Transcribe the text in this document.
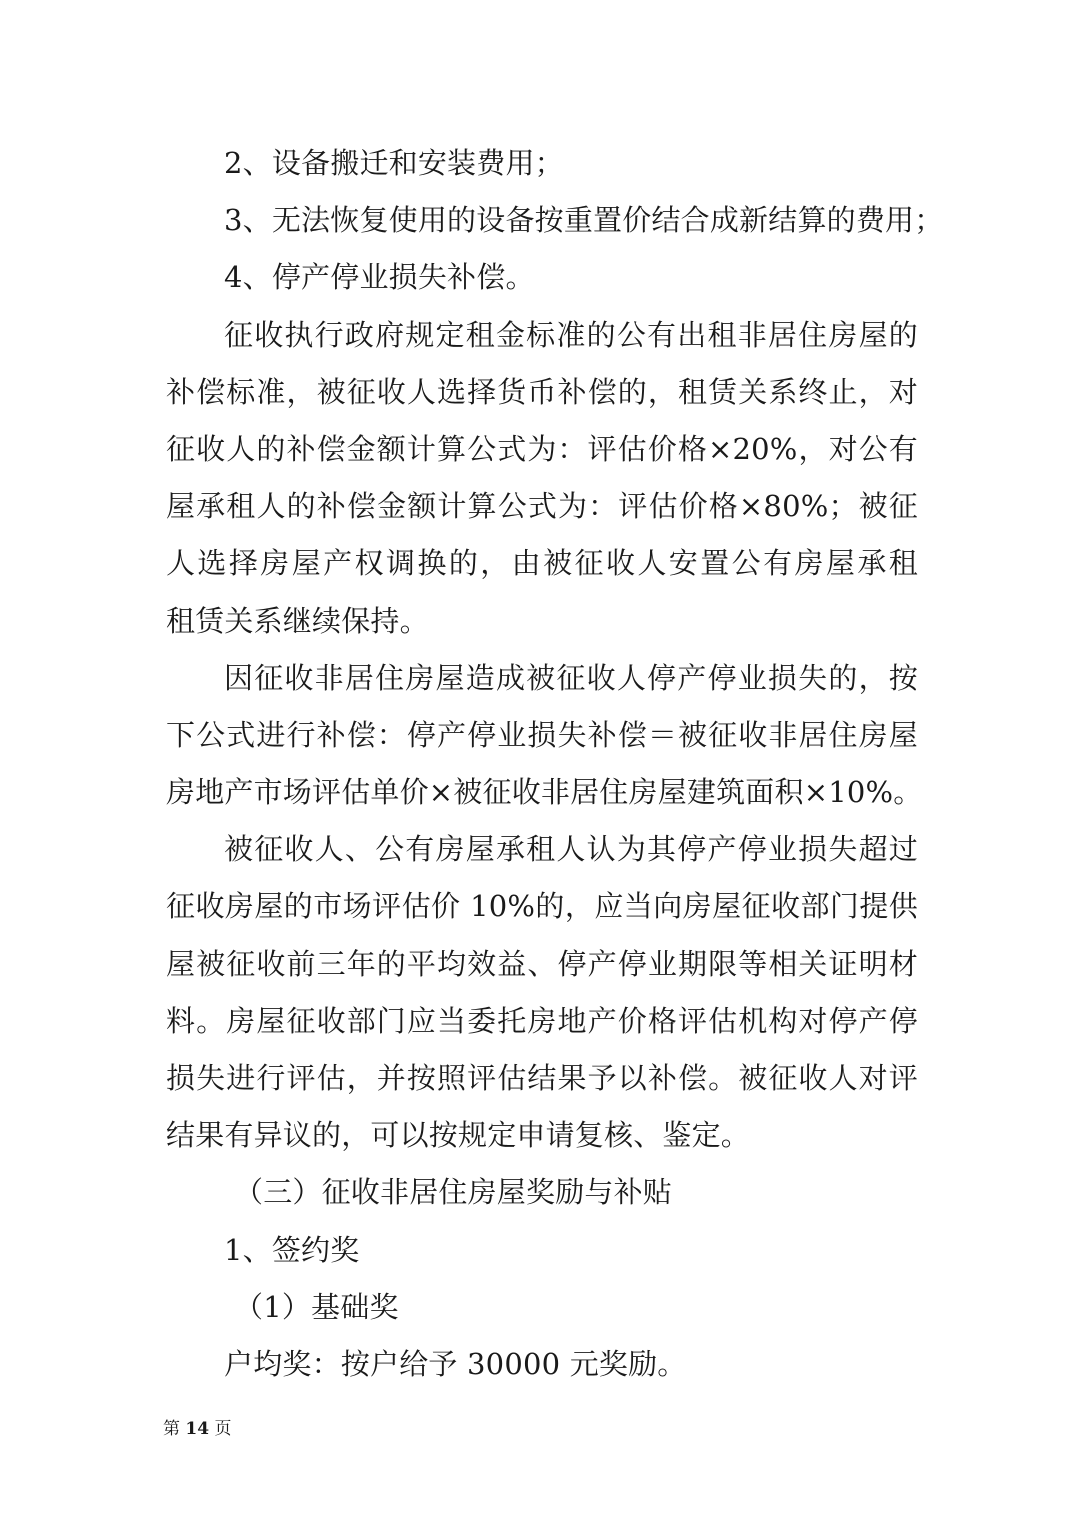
2、设备搬迁和安装费用；
3、无法恢复使用的设备按重置价结合成新结算的费用；
4、停产停业损失补偿。
征收执行政府规定租金标准的公有出租非居住房屋的
补偿标准，被征收人选择货币补偿的，租赁关系终止，对
征收人的补偿金额计算公式为：评估价格×20%，对公有
屋承租人的补偿金额计算公式为：评估价格×80%；被征
人选择房屋产权调换的，由被征收人安置公有房屋承租
租赁关系继续保持。
因征收非居住房屋造成被征收人停产停业损失的，按
下公式进行补偿：停产停业损失补偿＝被征收非居住房屋
房地产市场评估单价×被征收非居住房屋建筑面积×10%。
被征收人、公有房屋承租人认为其停产停业损失超过
征收房屋的市场评估价 10%的，应当向房屋征收部门提供
屋被征收前三年的平均效益、停产停业期限等相关证明材
料。房屋征收部门应当委托房地产价格评估机构对停产停
损失进行评估，并按照评估结果予以补偿。被征收人对评
结果有异议的，可以按规定申请复核、鉴定。
（三）征收非居住房屋奖励与补贴
1、签约奖
（1）基础奖
户均奖：按户给予 30000 元奖励。
第 14 页
